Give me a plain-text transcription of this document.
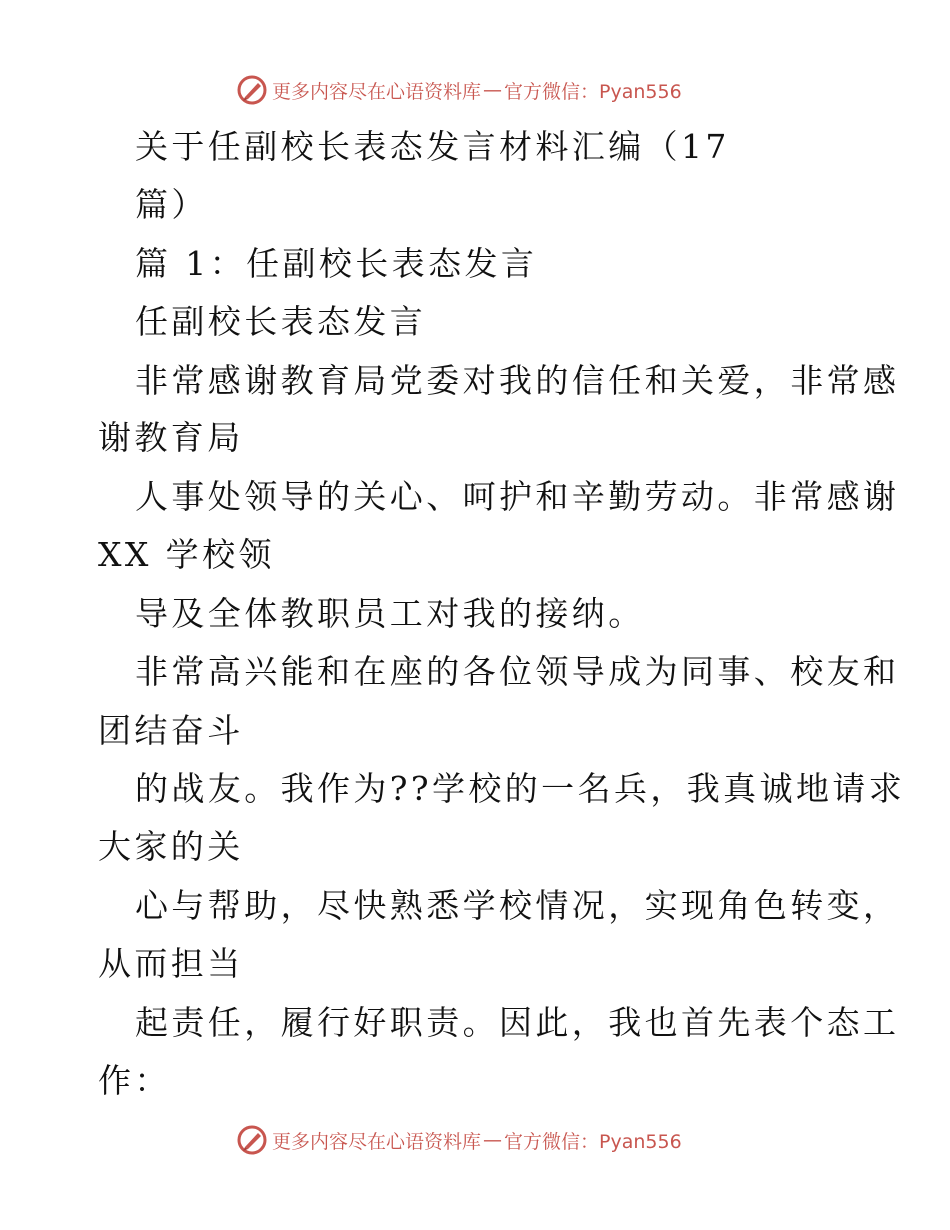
更多内容尽在心语资料库 — 官方微信：Pyan556
关于任副校长表态发言材料汇编（17
篇）
篇 1：任副校长表态发言
任副校长表态发言
非常感谢教育局党委对我的信任和关爱，非常感
谢教育局
人事处领导的关心、呵护和辛勤劳动。非常感谢
XX 学校领
导及全体教职员工对我的接纳。
非常高兴能和在座的各位领导成为同事、校友和
团结奋斗
的战友。我作为??学校的一名兵，我真诚地请求
大家的关
心与帮助，尽快熟悉学校情况，实现角色转变，
从而担当
起责任，履行好职责。因此，我也首先表个态工
作：
更多内容尽在心语资料库 — 官方微信：Pyan556
